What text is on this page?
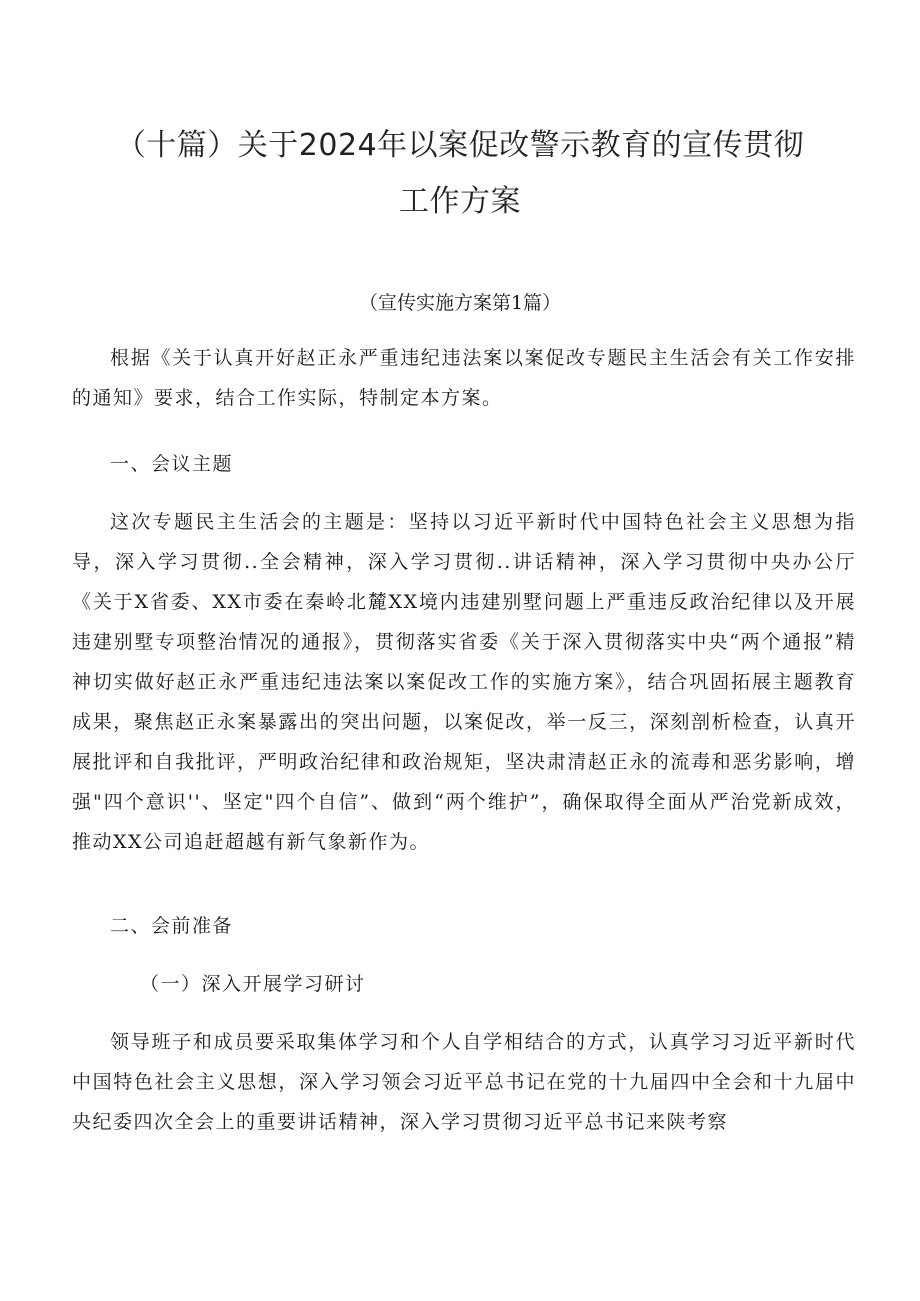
（十篇）关于2024年以案促改警示教育的宣传贯彻
工作方案

（宣传实施方案第1篇）

根据《关于认真开好赵正永严重违纪违法案以案促改专题民主生活会有关工作安排的通知》要求，结合工作实际，特制定本方案。

一、会议主题

这次专题民主生活会的主题是：坚持以习近平新时代中国特色社会主义思想为指导，深入学习贯彻..全会精神，深入学习贯彻..讲话精神，深入学习贯彻中央办公厅《关于X省委、XX市委在秦岭北麓XX境内违建别墅问题上严重违反政治纪律以及开展违建别墅专项整治情况的通报》，贯彻落实省委《关于深入贯彻落实中央“两个通报”精神切实做好赵正永严重违纪违法案以案促改工作的实施方案》，结合巩固拓展主题教育成果，聚焦赵正永案暴露出的突出问题，以案促改，举一反三，深刻剖析检查，认真开展批评和自我批评，严明政治纪律和政治规矩，坚决肃清赵正永的流毒和恶劣影响，增强"四个意识''、坚定"四个自信”、做到“两个维护”，确保取得全面从严治党新成效，推动XX公司追赶超越有新气象新作为。

二、会前准备

（一）深入开展学习研讨

领导班子和成员要采取集体学习和个人自学相结合的方式，认真学习习近平新时代中国特色社会主义思想，深入学习领会习近平总书记在党的十九届四中全会和十九届中央纪委四次全会上的重要讲话精神，深入学习贯彻习近平总书记来陕考察
